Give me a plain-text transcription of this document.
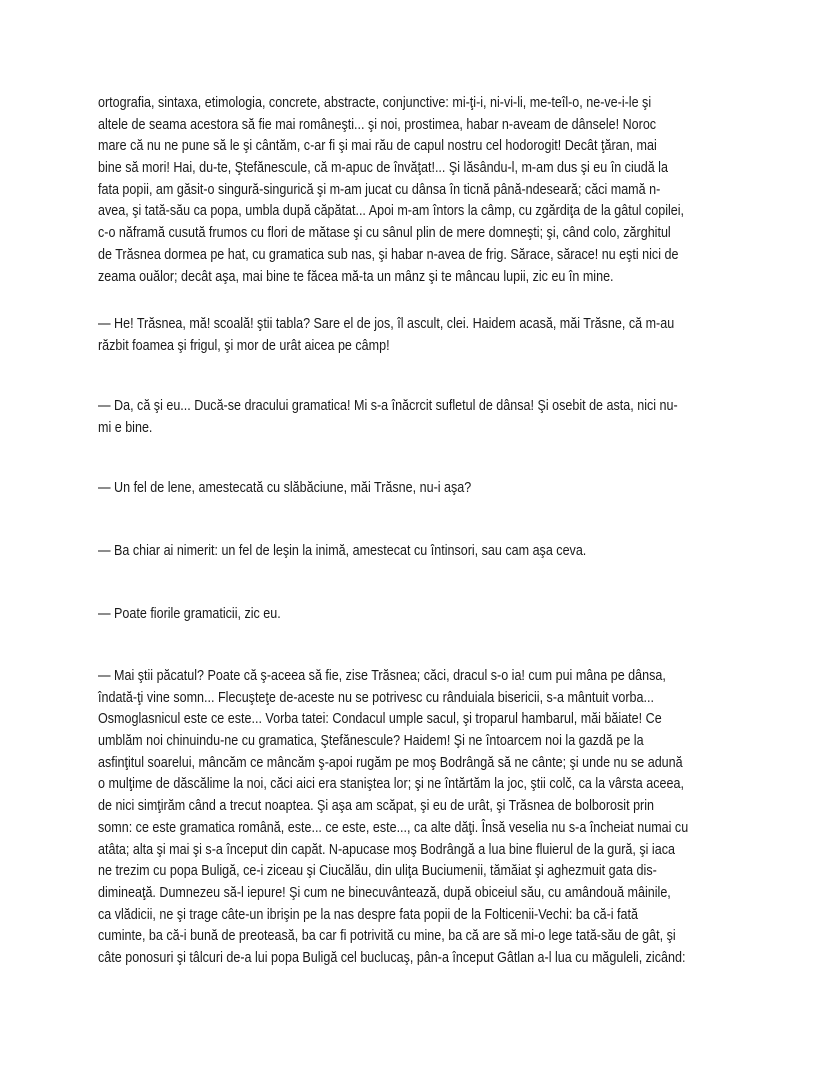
ortografia, sintaxa, etimologia, concrete, abstracte, conjunctive: mi-ţi-i, ni-vi-li, me-teîl-o, ne-ve-i-le şi
altele de seama acestora să fie mai româneşti... şi noi, prostimea, habar n-aveam de dânsele! Noroc
mare că nu ne pune să le şi cântăm, c-ar fi şi mai rău de capul nostru cel hodorogit! Decât ţăran, mai
bine să mori! Hai, du-te, Ştefănescule, că m-apuc de învăţat!... Şi lăsându-l, m-am dus şi eu în ciudă la
fata popii, am găsit-o singură-singurică şi m-am jucat cu dânsa în ticnă până-ndeseară; căci mamă n-
avea, şi tată-său ca popa, umbla după căpătat... Apoi m-am întors la câmp, cu zgărdiţa de la gâtul copilei,
c-o năframă cusută frumos cu flori de mătase şi cu sânul plin de mere domneşti; şi, când colo, zărghitul
de Trăsnea dormea pe hat, cu gramatica sub nas, şi habar n-avea de frig. Sărace, sărace! nu eşti nici de
zeama ouălor; decât aşa, mai bine te făcea mă-ta un mânz şi te mâncau lupii, zic eu în mine.
— He! Trăsnea, mă! scoală! ştii tabla? Sare el de jos, îl ascult, clei. Haidem acasă, măi Trăsne, că m-au
răzbit foamea şi frigul, şi mor de urât aicea pe câmp!
— Da, că şi eu... Ducă-se dracului gramatica! Mi s-a înăcrcit sufletul de dânsa! Şi osebit de asta, nici nu-
mi e bine.
— Un fel de lene, amestecată cu slăbăciune, măi Trăsne, nu-i aşa?
— Ba chiar ai nimerit: un fel de leşin la inimă, amestecat cu întinsori, sau cam aşa ceva.
— Poate fiorile gramaticii, zic eu.
— Mai ştii păcatul? Poate că ş-aceea să fie, zise Trăsnea; căci, dracul s-o ia! cum pui mâna pe dânsa,
îndată-ţi vine somn... Flecuşteţe de-aceste nu se potrivesc cu rânduiala bisericii, s-a mântuit vorba...
Osmoglasnicul este ce este... Vorba tatei: Condacul umple sacul, şi troparul hambarul, măi băiate! Ce
umblăm noi chinuindu-ne cu gramatica, Ştefănescule? Haidem! Şi ne întoarcem noi la gazdă pe la
asfinţitul soarelui, mâncăm ce mâncăm ş-apoi rugăm pe moş Bodrângă să ne cânte; şi unde nu se adună
o mulţime de dăscălime la noi, căci aici era staniştea lor; şi ne întărtăm la joc, ştii colč, ca la vârsta aceea,
de nici simţirăm când a trecut noaptea. Şi aşa am scăpat, şi eu de urât, şi Trăsnea de bolborosit prin
somn: ce este gramatica română, este... ce este, este..., ca alte dăţi. Însă veselia nu s-a încheiat numai cu
atâta; alta şi mai şi s-a început din capăt. N-apucase moş Bodrângă a lua bine fluierul de la gură, şi iaca
ne trezim cu popa Buligă, ce-i ziceau şi Ciucălău, din uliţa Buciumenii, tămăiat şi aghezmuit gata dis-
dimineaţă. Dumnezeu să-l iepure! Şi cum ne binecuvântează, după obiceiul său, cu amândouă mâinile,
ca vlădicii, ne şi trage câte-un ibrişin pe la nas despre fata popii de la Folticenii-Vechi: ba că-i fată
cuminte, ba că-i bună de preoteasă, ba car fi potrivită cu mine, ba că are să mi-o lege tată-său de gât, şi
câte ponosuri şi tâlcuri de-a lui popa Buligă cel buclucaş, pân-a început Gâtlan a-l lua cu măguleli, zicând:
